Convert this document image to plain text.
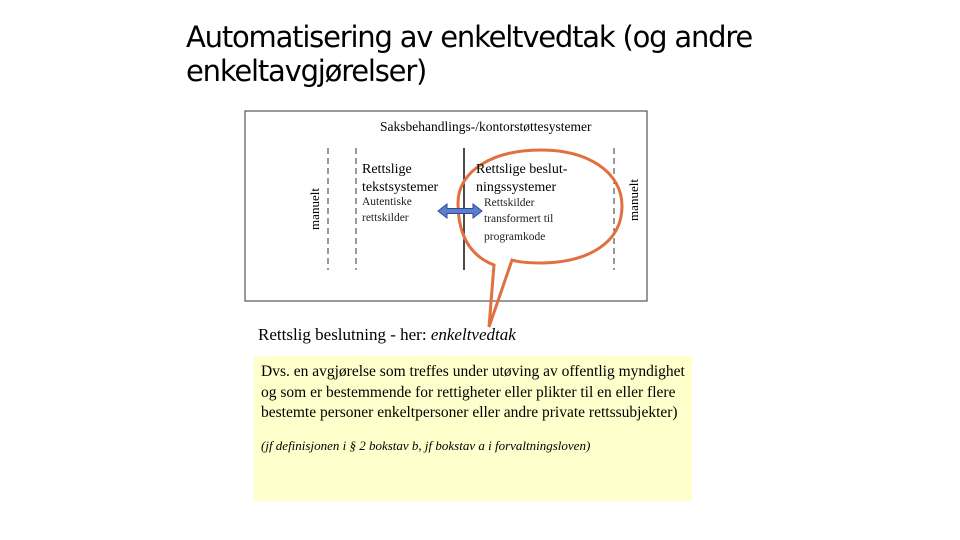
Automatisering av enkeltvedtak (og andre enkeltavgjørelser)
Saksbehandlings-/kontorstøttesystemer
manuelt	manuelt
Rettslige
tekstsystemer
Autentiske
rettskilder
Rettslige beslut-
ningssystemer
Rettskilder
transformert til
programkode
Rettslig beslutning - her: enkeltvedtak

Dvs. en avgjørelse som treffes under utøving av offentlig myndighet og som er bestemmende for rettigheter eller plikter til en eller flere bestemte personer enkeltpersoner eller andre private rettssubjekter)

(jf definisjonen i § 2 bokstav b, jf bokstav a i forvaltningsloven)
